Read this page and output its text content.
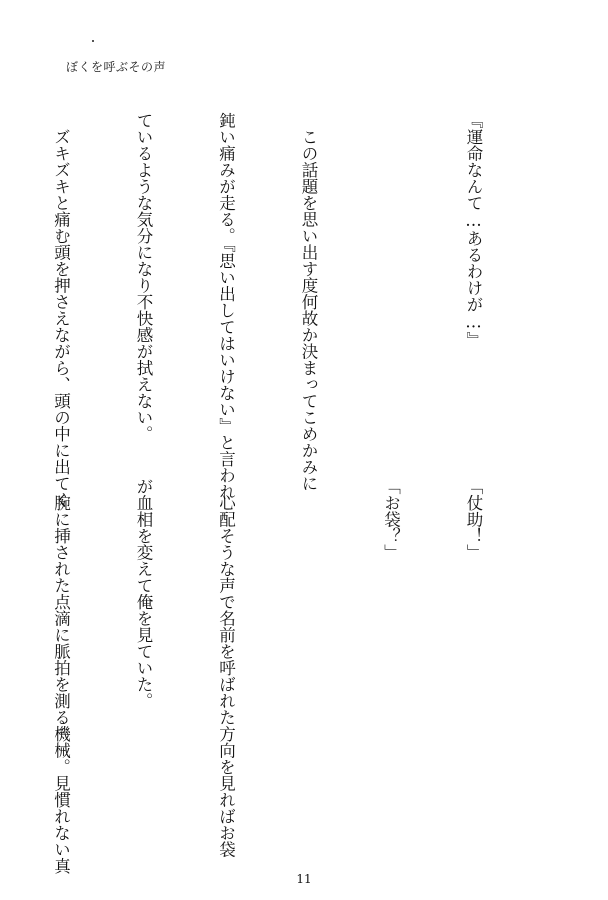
ぼくを呼ぶその声

『運命なんて…あるわけが…』

　この話題を思い出す度何故か決まってこめかみに

鈍い痛みが走る。『思い出してはいけない』と言われ

ているような気分になり不快感が拭えない。

　ズキズキと痛む頭を押さえながら、頭の中に出てく

「仗助！」

「お袋？」

　心配そうな声で名前を呼ばれた方向を見ればお袋

が血相を変えて俺を見ていた。

　腕に挿された点滴に脈拍を測る機械。見慣れない真

11
